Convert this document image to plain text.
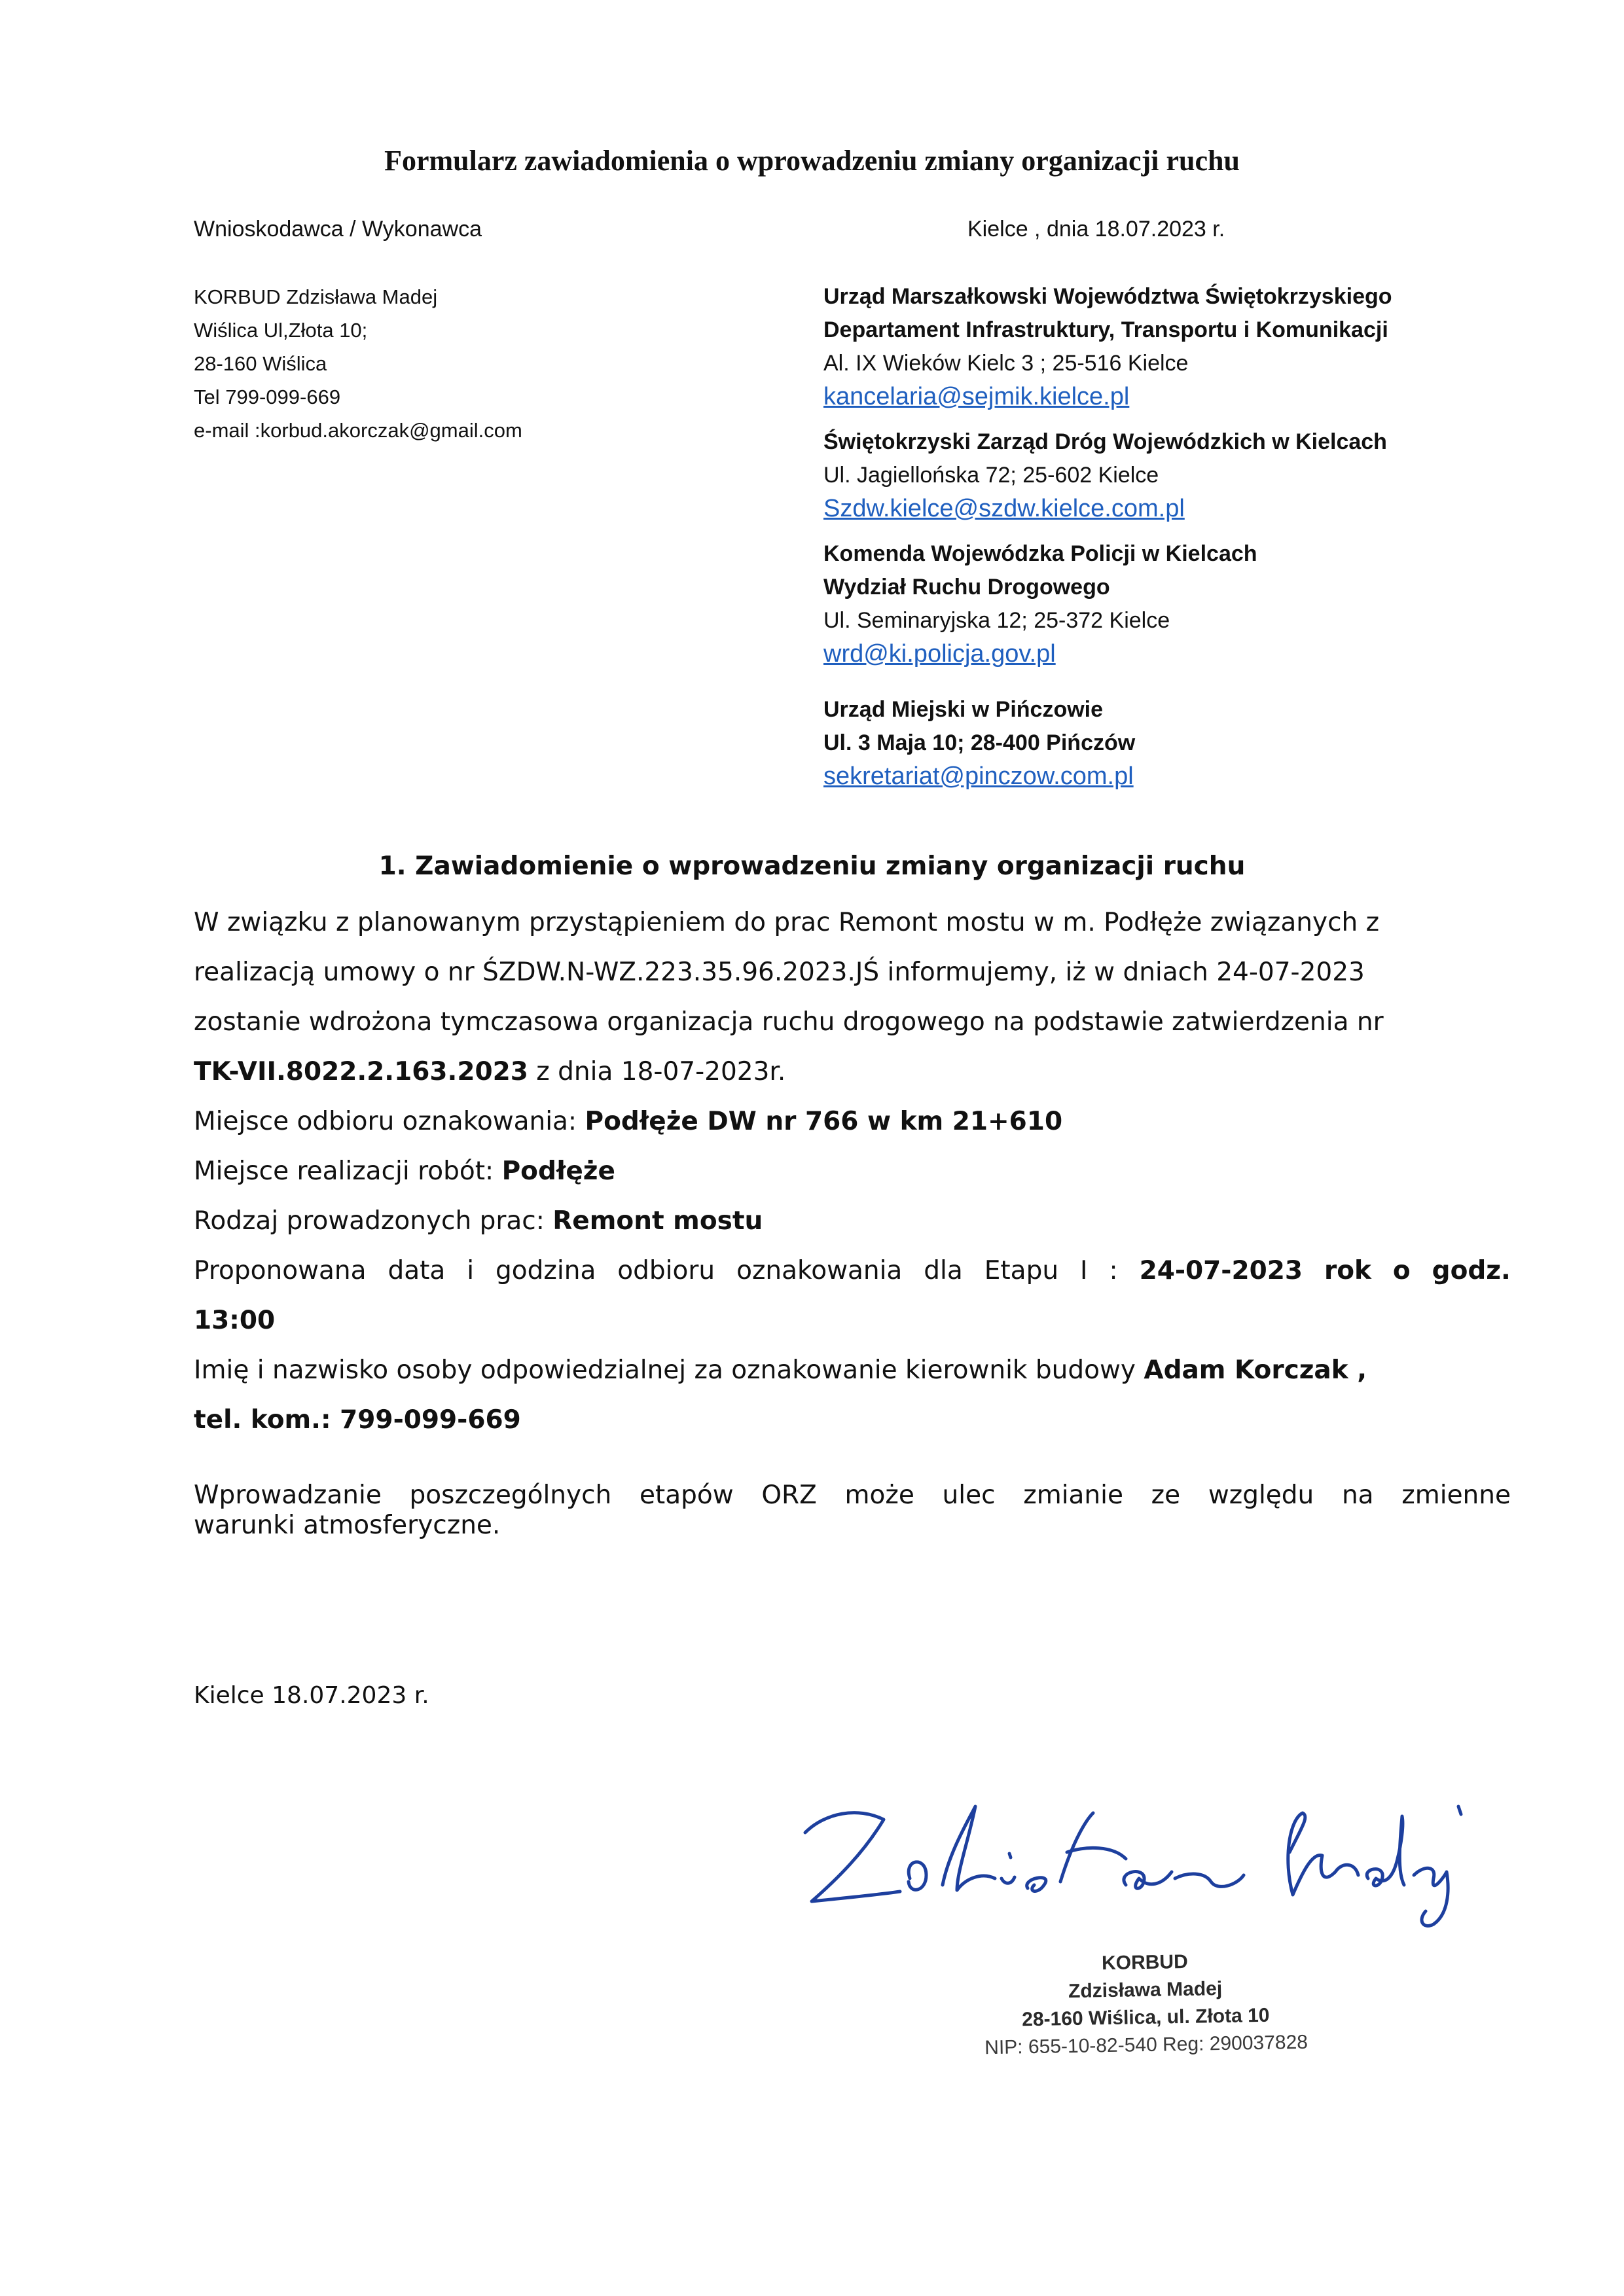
Formularz zawiadomienia o wprowadzeniu zmiany organizacji ruchu
Wnioskodawca / Wykonawca	Kielce , dnia 18.07.2023 r.
KORBUD Zdzisława Madej
Wiślica Ul,Złota 10;
28-160 Wiślica
Tel 799-099-669
e-mail :korbud.akorczak@gmail.com
Urząd Marszałkowski Województwa Świętokrzyskiego
Departament Infrastruktury, Transportu i Komunikacji
Al. IX Wieków Kielc 3 ; 25-516 Kielce
kancelaria@sejmik.kielce.pl
Świętokrzyski Zarząd Dróg Wojewódzkich w Kielcach
Ul. Jagiellońska 72; 25-602 Kielce
Szdw.kielce@szdw.kielce.com.pl
Komenda Wojewódzka Policji w Kielcach
Wydział Ruchu Drogowego
Ul. Seminaryjska 12; 25-372 Kielce
wrd@ki.policja.gov.pl
Urząd Miejski w Pińczowie
Ul. 3 Maja 10; 28-400 Pińczów
sekretariat@pinczow.com.pl
1. Zawiadomienie o wprowadzeniu zmiany organizacji ruchu
W związku z planowanym przystąpieniem do prac Remont mostu w m. Podłęże związanych z
realizacją umowy o nr ŚZDW.N-WZ.223.35.96.2023.JŚ informujemy, iż w dniach 24-07-2023
zostanie wdrożona tymczasowa organizacja ruchu drogowego na podstawie zatwierdzenia nr
TK-VII.8022.2.163.2023 z dnia 18-07-2023r.
Miejsce odbioru oznakowania: Podłęże DW nr 766 w km 21+610
Miejsce realizacji robót: Podłęże
Rodzaj prowadzonych prac: Remont mostu
Proponowana data i godzina odbioru oznakowania dla Etapu I : 24-07-2023 rok o godz.
13:00
Imię i nazwisko osoby odpowiedzialnej za oznakowanie kierownik budowy Adam Korczak ,
tel. kom.: 799-099-669
Wprowadzanie poszczególnych etapów ORZ może ulec zmianie ze względu na zmienne
warunki atmosferyczne.
Kielce 18.07.2023 r.
KORBUD
Zdzisława Madej
28-160 Wiślica, ul. Złota 10
NIP: 655-10-82-540 Reg: 290037828
